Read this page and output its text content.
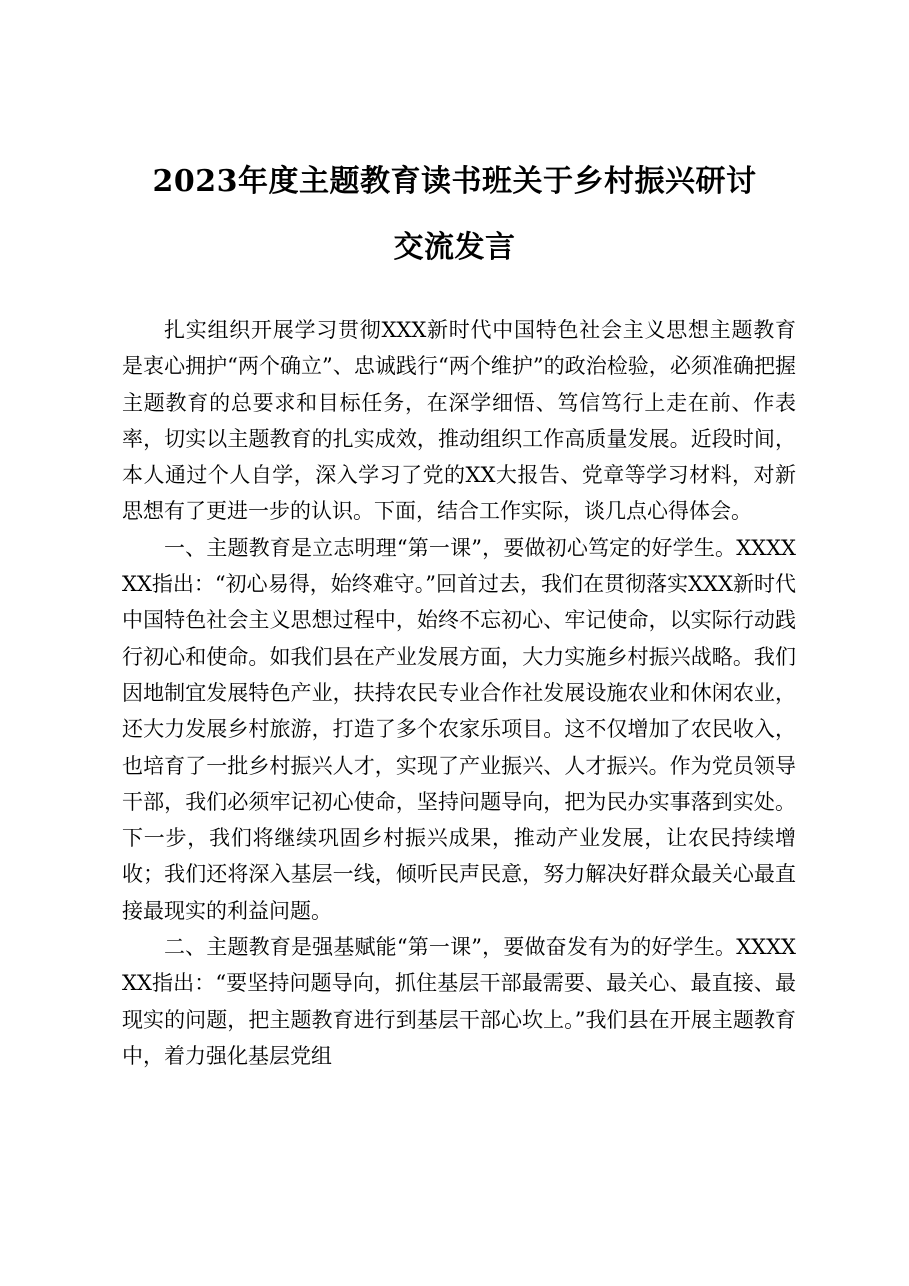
2023年度主题教育读书班关于乡村振兴研讨
交流发言

扎实组织开展学习贯彻XXX新时代中国特色社会主义思想主题教育是衷心拥护“两个确立”、忠诚践行“两个维护”的政治检验，必须准确把握主题教育的总要求和目标任务，在深学细悟、笃信笃行上走在前、作表率，切实以主题教育的扎实成效，推动组织工作高质量发展。近段时间，本人通过个人自学，深入学习了党的XX大报告、党章等学习材料，对新思想有了更进一步的认识。下面，结合工作实际，谈几点心得体会。

一、主题教育是立志明理“第一课”，要做初心笃定的好学生。XXXXXX指出：“初心易得，始终难守。”回首过去，我们在贯彻落实XXX新时代中国特色社会主义思想过程中，始终不忘初心、牢记使命，以实际行动践行初心和使命。如我们县在产业发展方面，大力实施乡村振兴战略。我们因地制宜发展特色产业，扶持农民专业合作社发展设施农业和休闲农业，还大力发展乡村旅游，打造了多个农家乐项目。这不仅增加了农民收入，也培育了一批乡村振兴人才，实现了产业振兴、人才振兴。作为党员领导干部，我们必须牢记初心使命，坚持问题导向，把为民办实事落到实处。下一步，我们将继续巩固乡村振兴成果，推动产业发展，让农民持续增收；我们还将深入基层一线，倾听民声民意，努力解决好群众最关心最直接最现实的利益问题。

二、主题教育是强基赋能“第一课”，要做奋发有为的好学生。XXXXXX指出：“要坚持问题导向，抓住基层干部最需要、最关心、最直接、最现实的问题，把主题教育进行到基层干部心坎上。”我们县在开展主题教育中，着力强化基层党组
